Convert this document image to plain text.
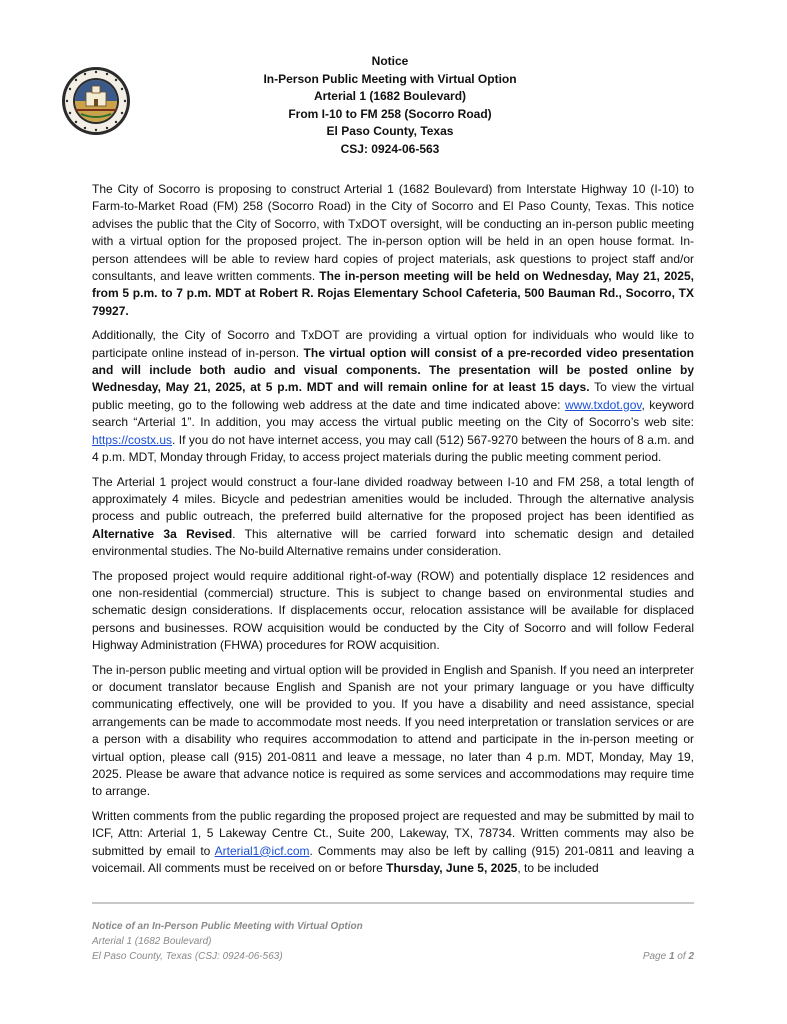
Notice
In-Person Public Meeting with Virtual Option
Arterial 1 (1682 Boulevard)
From I-10 to FM 258 (Socorro Road)
El Paso County, Texas
CSJ: 0924-06-563

The City of Socorro is proposing to construct Arterial 1 (1682 Boulevard) from Interstate Highway 10 (I-10) to Farm-to-Market Road (FM) 258 (Socorro Road) in the City of Socorro and El Paso County, Texas. This notice advises the public that the City of Socorro, with TxDOT oversight, will be conducting an in-person public meeting with a virtual option for the proposed project. The in-person option will be held in an open house format. In-person attendees will be able to review hard copies of project materials, ask questions to project staff and/or consultants, and leave written comments. The in-person meeting will be held on Wednesday, May 21, 2025, from 5 p.m. to 7 p.m. MDT at Robert R. Rojas Elementary School Cafeteria, 500 Bauman Rd., Socorro, TX 79927.

Additionally, the City of Socorro and TxDOT are providing a virtual option for individuals who would like to participate online instead of in-person. The virtual option will consist of a pre-recorded video presentation and will include both audio and visual components. The presentation will be posted online by Wednesday, May 21, 2025, at 5 p.m. MDT and will remain online for at least 15 days. To view the virtual public meeting, go to the following web address at the date and time indicated above: www.txdot.gov, keyword search “Arterial 1”. In addition, you may access the virtual public meeting on the City of Socorro’s web site: https://costx.us. If you do not have internet access, you may call (512) 567-9270 between the hours of 8 a.m. and 4 p.m. MDT, Monday through Friday, to access project materials during the public meeting comment period.

The Arterial 1 project would construct a four-lane divided roadway between I-10 and FM 258, a total length of approximately 4 miles. Bicycle and pedestrian amenities would be included. Through the alternative analysis process and public outreach, the preferred build alternative for the proposed project has been identified as Alternative 3a Revised. This alternative will be carried forward into schematic design and detailed environmental studies. The No-build Alternative remains under consideration.

The proposed project would require additional right-of-way (ROW) and potentially displace 12 residences and one non-residential (commercial) structure. This is subject to change based on environmental studies and schematic design considerations. If displacements occur, relocation assistance will be available for displaced persons and businesses. ROW acquisition would be conducted by the City of Socorro and will follow Federal Highway Administration (FHWA) procedures for ROW acquisition.

The in-person public meeting and virtual option will be provided in English and Spanish. If you need an interpreter or document translator because English and Spanish are not your primary language or you have difficulty communicating effectively, one will be provided to you. If you have a disability and need assistance, special arrangements can be made to accommodate most needs. If you need interpretation or translation services or are a person with a disability who requires accommodation to attend and participate in the in-person meeting or virtual option, please call (915) 201-0811 and leave a message, no later than 4 p.m. MDT, Monday, May 19, 2025. Please be aware that advance notice is required as some services and accommodations may require time to arrange.

Written comments from the public regarding the proposed project are requested and may be submitted by mail to ICF, Attn: Arterial 1, 5 Lakeway Centre Ct., Suite 200, Lakeway, TX, 78734. Written comments may also be submitted by email to Arterial1@icf.com. Comments may also be left by calling (915) 201-0811 and leaving a voicemail. All comments must be received on or before Thursday, June 5, 2025, to be included

Notice of an In-Person Public Meeting with Virtual Option
Arterial 1 (1682 Boulevard)
El Paso County, Texas (CSJ: 0924-06-563)	Page 1 of 2
